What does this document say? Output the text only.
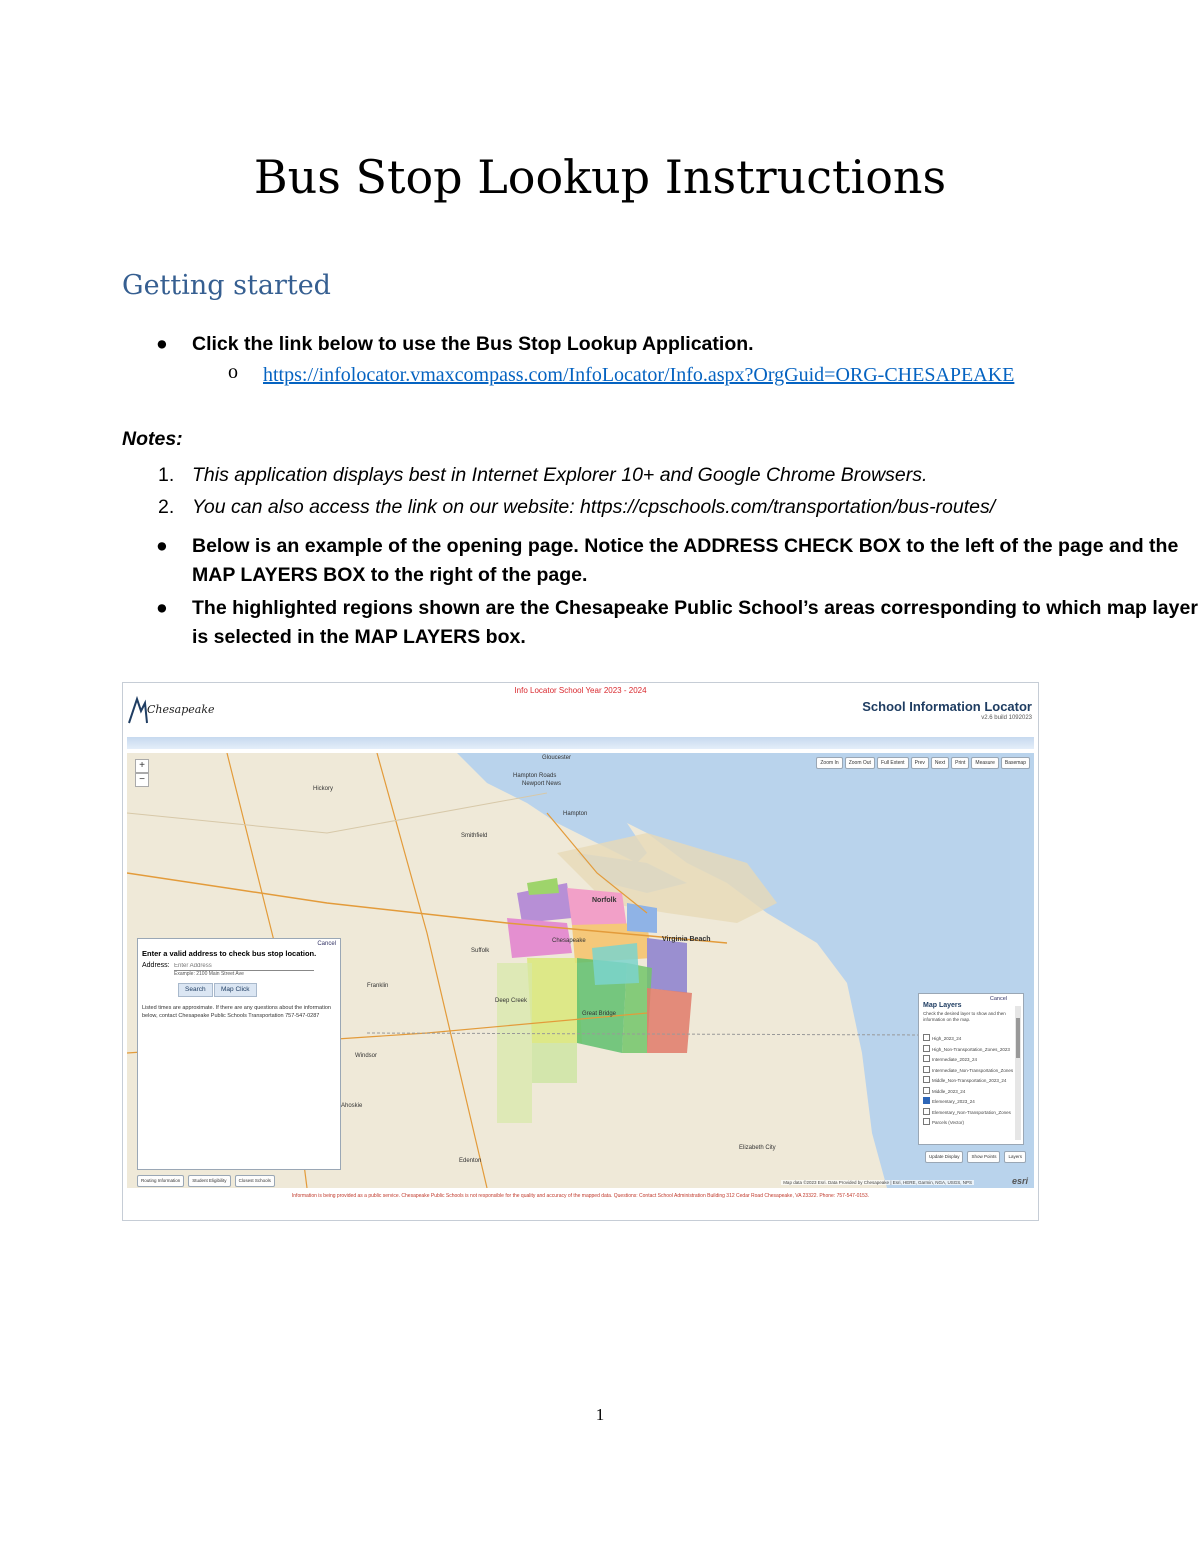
Bus Stop Lookup Instructions
Getting started
● Click the link below to use the Bus Stop Lookup Application.
o https://infolocator.vmaxcompass.com/InfoLocator/Info.aspx?OrgGuid=ORG-CHESAPEAKE
Notes:
1. This application displays best in Internet Explorer 10+ and Google Chrome Browsers.
2. You can also access the link on our website: https://cpschools.com/transportation/bus-routes/
● Below is an example of the opening page. Notice the ADDRESS CHECK BOX to the left of the page and the MAP LAYERS BOX to the right of the page.
● The highlighted regions shown are the Chesapeake Public School’s areas corresponding to which map layer is selected in the MAP LAYERS box.
Chesapeake
Info Locator School Year 2023 - 2024
School Information Locator
v2.6 build 1092023
Zoom In	Zoom Out	Full Extent	Prev	Next	Print	Measure	Basemap
+
−
Gloucester
Hampton Roads
Newport News
Hampton
Hickory
Smithfield
Norfolk
Virginia Beach
Chesapeake
Suffolk
Franklin
Deep Creek
Great Bridge
Windsor
Ahoskie
Elizabeth City
Edenton
Cancel
Enter a valid address to check bus stop location.
Address:
Enter Address
Example: 2100 Main Street Ave
Search	Map Click
Listed times are approximate. If there are any questions about the information below, contact Chesapeake Public Schools Transportation 757-547-0287
Cancel
Map Layers
Check the desired layer to show and then information on the map.
High_2023_24
High_Non-Transportation_Zones_2023
Intermediate_2023_24
Intermediate_Non-Transportation_Zones
Middle_Non-Transportation_2023_24
Middle_2023_24
Elementary_2023_24
Elementary_Non-Transportation_Zones
Parcels (Vector)
Update Display	Show Points	Layers
Routing Information	Student Eligibility	Closest Schools	Map data ©2023 Esri. Data Provided by Chesapeake | Esri, HERE, Garmin, NGA, USGS, NPS	esri
Information is being provided as a public service. Chesapeake Public Schools is not responsible for the quality and accuracy of the mapped data. Questions: Contact School Administration Building 312 Cedar Road Chesapeake, VA 23322. Phone: 757-547-0153.
1
